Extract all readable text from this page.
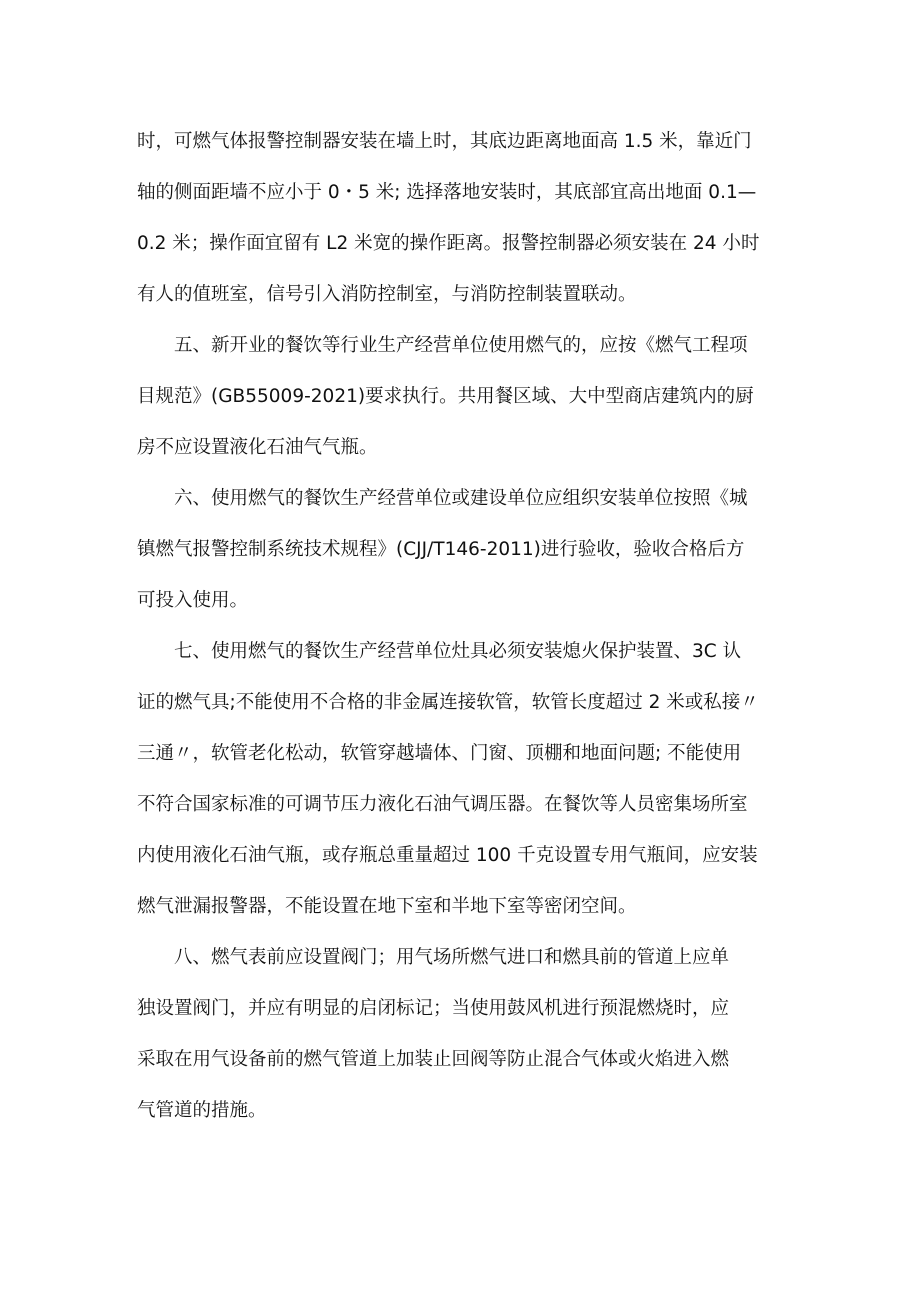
时，可燃气体报警控制器安装在墙上时，其底边距离地面高 1.5 米，靠近门
轴的侧面距墙不应小于 0・5 米; 选择落地安装时，其底部宜高出地面 0.1—
0.2 米；操作面宜留有 L2 米宽的操作距离。报警控制器必须安装在 24 小时
有人的值班室，信号引入消防控制室，与消防控制装置联动。
五、新开业的餐饮等行业生产经营单位使用燃气的，应按《燃气工程项
目规范》(GB55009-2021)要求执行。共用餐区域、大中型商店建筑内的厨
房不应设置液化石油气气瓶。
六、使用燃气的餐饮生产经营单位或建设单位应组织安装单位按照《城
镇燃气报警控制系统技术规程》(CJJ/T146-2011)进行验收，验收合格后方
可投入使用。
七、使用燃气的餐饮生产经营单位灶具必须安装熄火保护装置、3C 认
证的燃气具;不能使用不合格的非金属连接软管，软管长度超过 2 米或私接〃
三通〃，软管老化松动，软管穿越墙体、门窗、顶棚和地面问题; 不能使用
不符合国家标准的可调节压力液化石油气调压器。在餐饮等人员密集场所室
内使用液化石油气瓶，或存瓶总重量超过 100 千克设置专用气瓶间，应安装
燃气泄漏报警器，不能设置在地下室和半地下室等密闭空间。
八、燃气表前应设置阀门；用气场所燃气进口和燃具前的管道上应单
独设置阀门，并应有明显的启闭标记；当使用鼓风机进行预混燃烧时，应
采取在用气设备前的燃气管道上加装止回阀等防止混合气体或火焰进入燃
气管道的措施。
